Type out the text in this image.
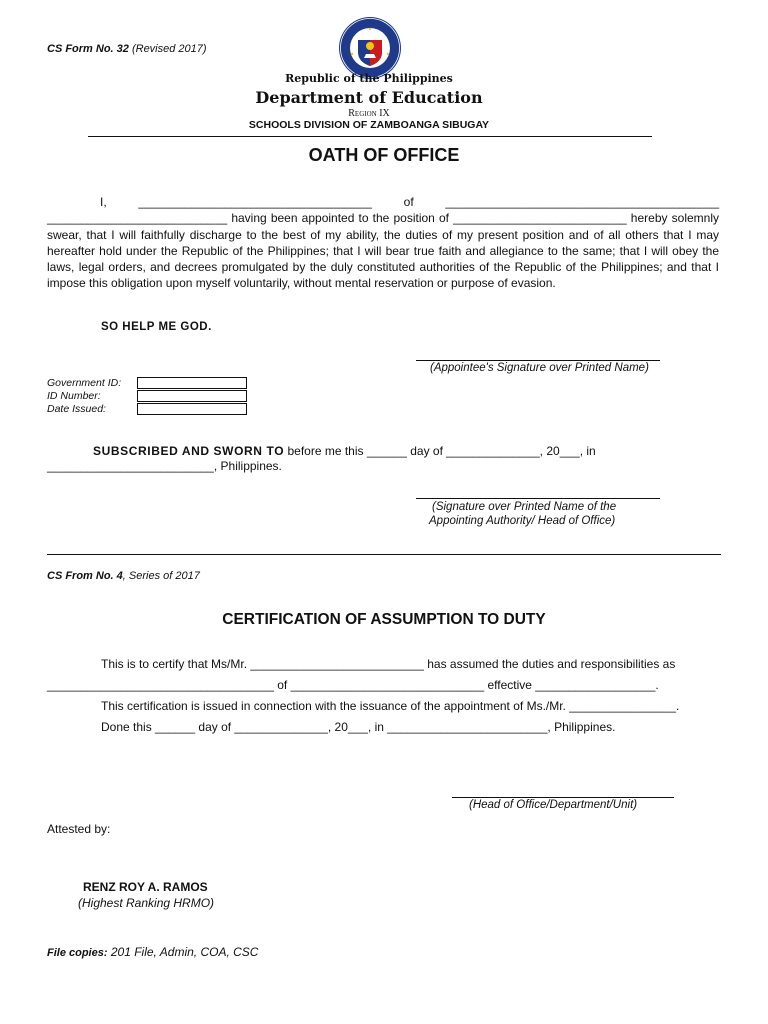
CS Form No. 32 (Revised 2017)
Republic of the Philippines
Department of Education
Region IX
SCHOOLS DIVISION OF ZAMBOANGA SIBUGAY
OATH OF OFFICE
I, ___________________________________ of _________________________________________ ___________________________ having been appointed to the position of __________________________ hereby solemnly swear, that I will faithfully discharge to the best of my ability, the duties of my present position and of all others that I may hereafter hold under the Republic of the Philippines; that I will bear true faith and allegiance to the same; that I will obey the laws, legal orders, and decrees promulgated by the duly constituted authorities of the Republic of the Philippines; and that I impose this obligation upon myself voluntarily, without mental reservation or purpose of evasion.
SO HELP ME GOD.
(Appointee's Signature over Printed Name)
Government ID:
ID Number:
Date Issued:
SUBSCRIBED AND SWORN TO before me this ______ day of ______________, 20___, in _________________________, Philippines.
(Signature over Printed Name of the
Appointing Authority/ Head of Office)
CS From No. 4, Series of 2017
CERTIFICATION OF ASSUMPTION TO DUTY
This is to certify that Ms/Mr. __________________________ has assumed the duties and responsibilities as
__________________________________ of _____________________________ effective __________________.
This certification is issued in connection with the issuance of the appointment of Ms./Mr. ________________.
Done this ______ day of ______________, 20___, in ________________________, Philippines.
(Head of Office/Department/Unit)
Attested by:
RENZ ROY A. RAMOS
(Highest Ranking HRMO)
File copies: 201 File, Admin, COA, CSC
